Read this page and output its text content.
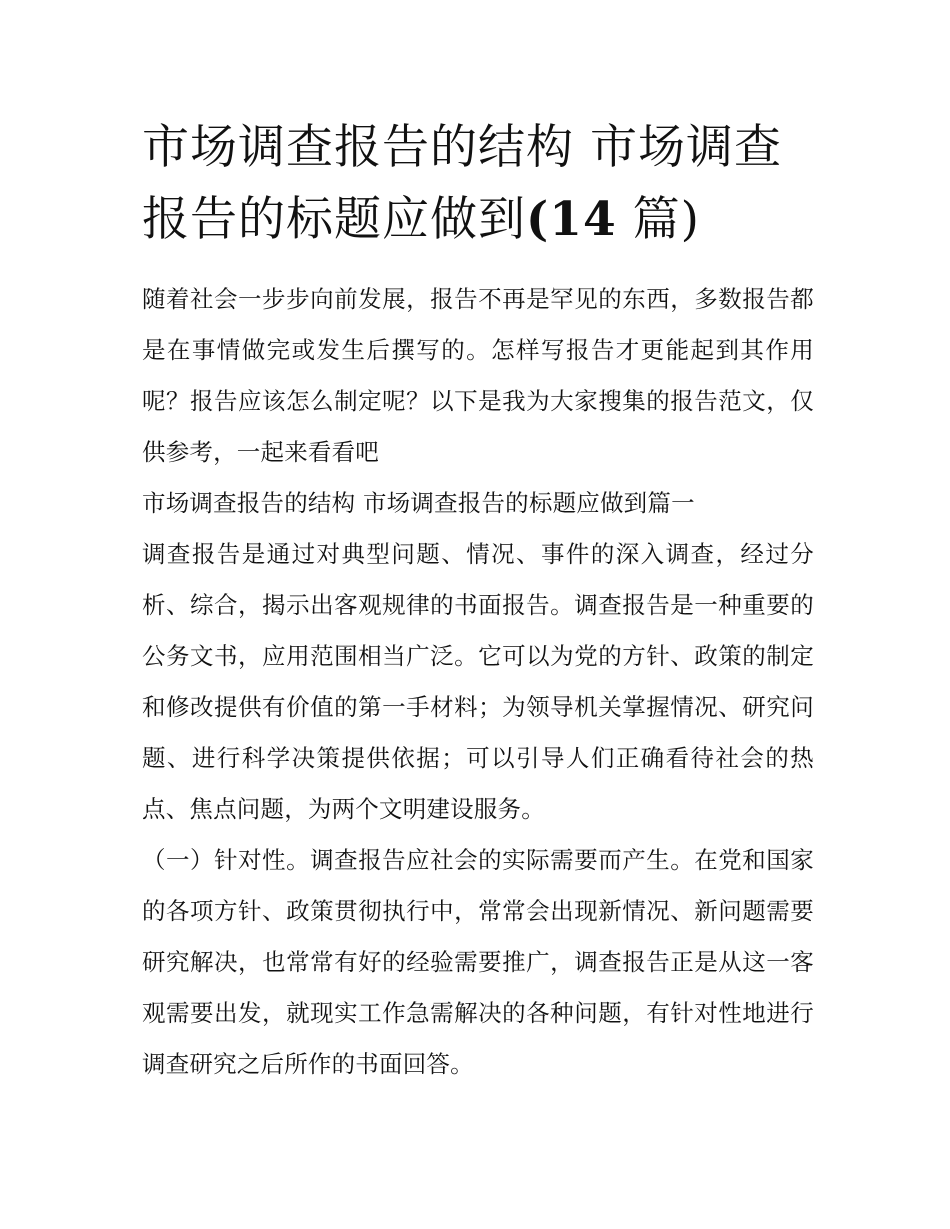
市场调查报告的结构 市场调查报告的标题应做到(14 篇)

随着社会一步步向前发展，报告不再是罕见的东西，多数报告都是在事情做完或发生后撰写的。怎样写报告才更能起到其作用呢？报告应该怎么制定呢？以下是我为大家搜集的报告范文，仅供参考，一起来看看吧

市场调查报告的结构 市场调查报告的标题应做到篇一

调查报告是通过对典型问题、情况、事件的深入调查，经过分析、综合，揭示出客观规律的书面报告。调查报告是一种重要的公务文书，应用范围相当广泛。它可以为党的方针、政策的制定和修改提供有价值的第一手材料；为领导机关掌握情况、研究问题、进行科学决策提供依据；可以引导人们正确看待社会的热点、焦点问题，为两个文明建设服务。

（一）针对性。调查报告应社会的实际需要而产生。在党和国家的各项方针、政策贯彻执行中，常常会出现新情况、新问题需要研究解决，也常常有好的经验需要推广，调查报告正是从这一客观需要出发，就现实工作急需解决的各种问题，有针对性地进行调查研究之后所作的书面回答。
